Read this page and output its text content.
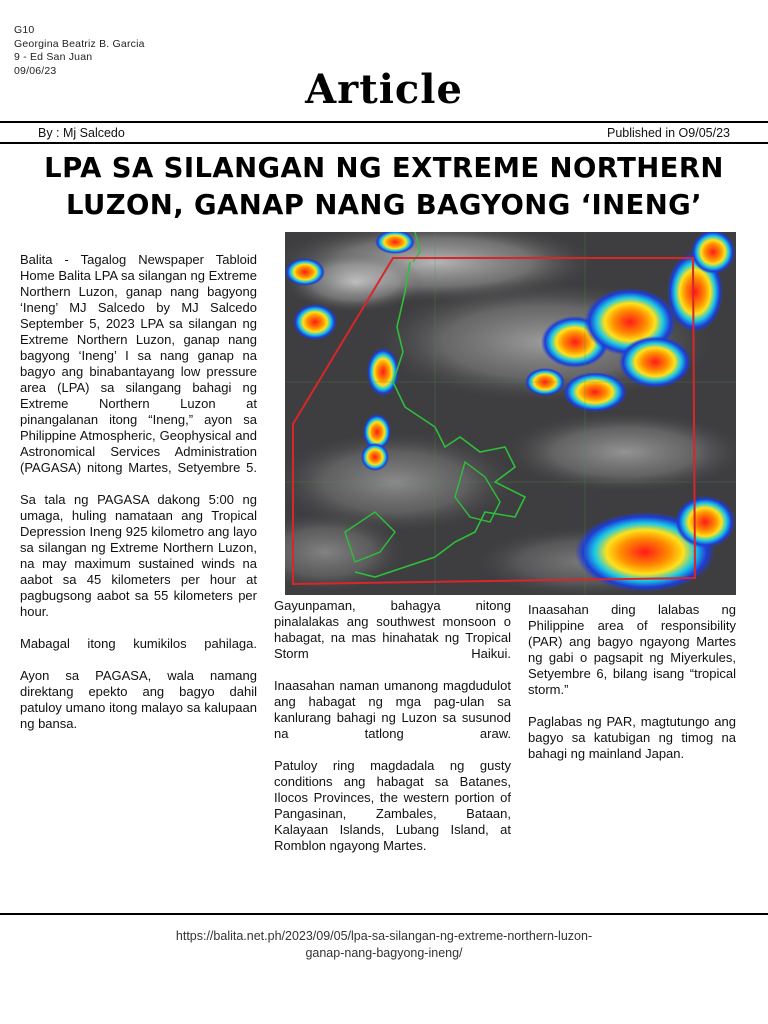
G10
Georgina Beatriz B. Garcia
9 - Ed San Juan
09/06/23	Article
By : Mj Salcedo	Published in O9/05/23
LPA SA SILANGAN NG EXTREME NORTHERN
LUZON, GANAP NANG BAGYONG ‘INENG’

Balita - Tagalog Newspaper Tabloid Home Balita LPA sa silangan ng Extreme Northern Luzon, ganap nang bagyong ‘Ineng’ MJ Salcedo by MJ Salcedo September 5, 2023 LPA sa silangan ng Extreme Northern Luzon, ganap nang bagyong ‘Ineng’ I sa nang ganap na bagyo ang binabantayang low pressure area (LPA) sa silangang bahagi ng Extreme Northern Luzon at pinangalanan itong “Ineng,” ayon sa Philippine Atmospheric, Geophysical and Astronomical Services Administration (PAGASA) nitong Martes, Setyembre 5.

Sa tala ng PAGASA dakong 5:00 ng umaga, huling namataan ang Tropical Depression Ineng 925 kilometro ang layo sa silangan ng Extreme Northern Luzon, na may maximum sustained winds na aabot sa 45 kilometers per hour at pagbugsong aabot sa 55 kilometers per hour.

Mabagal itong kumikilos pahilaga.

Ayon sa PAGASA, wala namang direktang epekto ang bagyo dahil patuloy umano itong malayo sa kalupaan ng bansa.

Gayunpaman, bahagya nitong pinalalakas ang southwest monsoon o habagat, na mas hinahatak ng Tropical Storm Haikui.

Inaasahan naman umanong magdudulot ang habagat ng mga pag-ulan sa kanlurang bahagi ng Luzon sa susunod na tatlong araw.

Patuloy ring magdadala ng gusty conditions ang habagat sa Batanes, Ilocos Provinces, the western portion of Pangasinan, Zambales, Bataan, Kalayaan Islands, Lubang Island, at Romblon ngayong Martes.

Inaasahan ding lalabas ng Philippine area of responsibility (PAR) ang bagyo ngayong Martes ng gabi o pagsapit ng Miyerkules, Setyembre 6, bilang isang “tropical storm.”

Paglabas ng PAR, magtutungo ang bagyo sa katubigan ng timog na bahagi ng mainland Japan.

https://balita.net.ph/2023/09/05/lpa-sa-silangan-ng-extreme-northern-luzon-
ganap-nang-bagyong-ineng/
